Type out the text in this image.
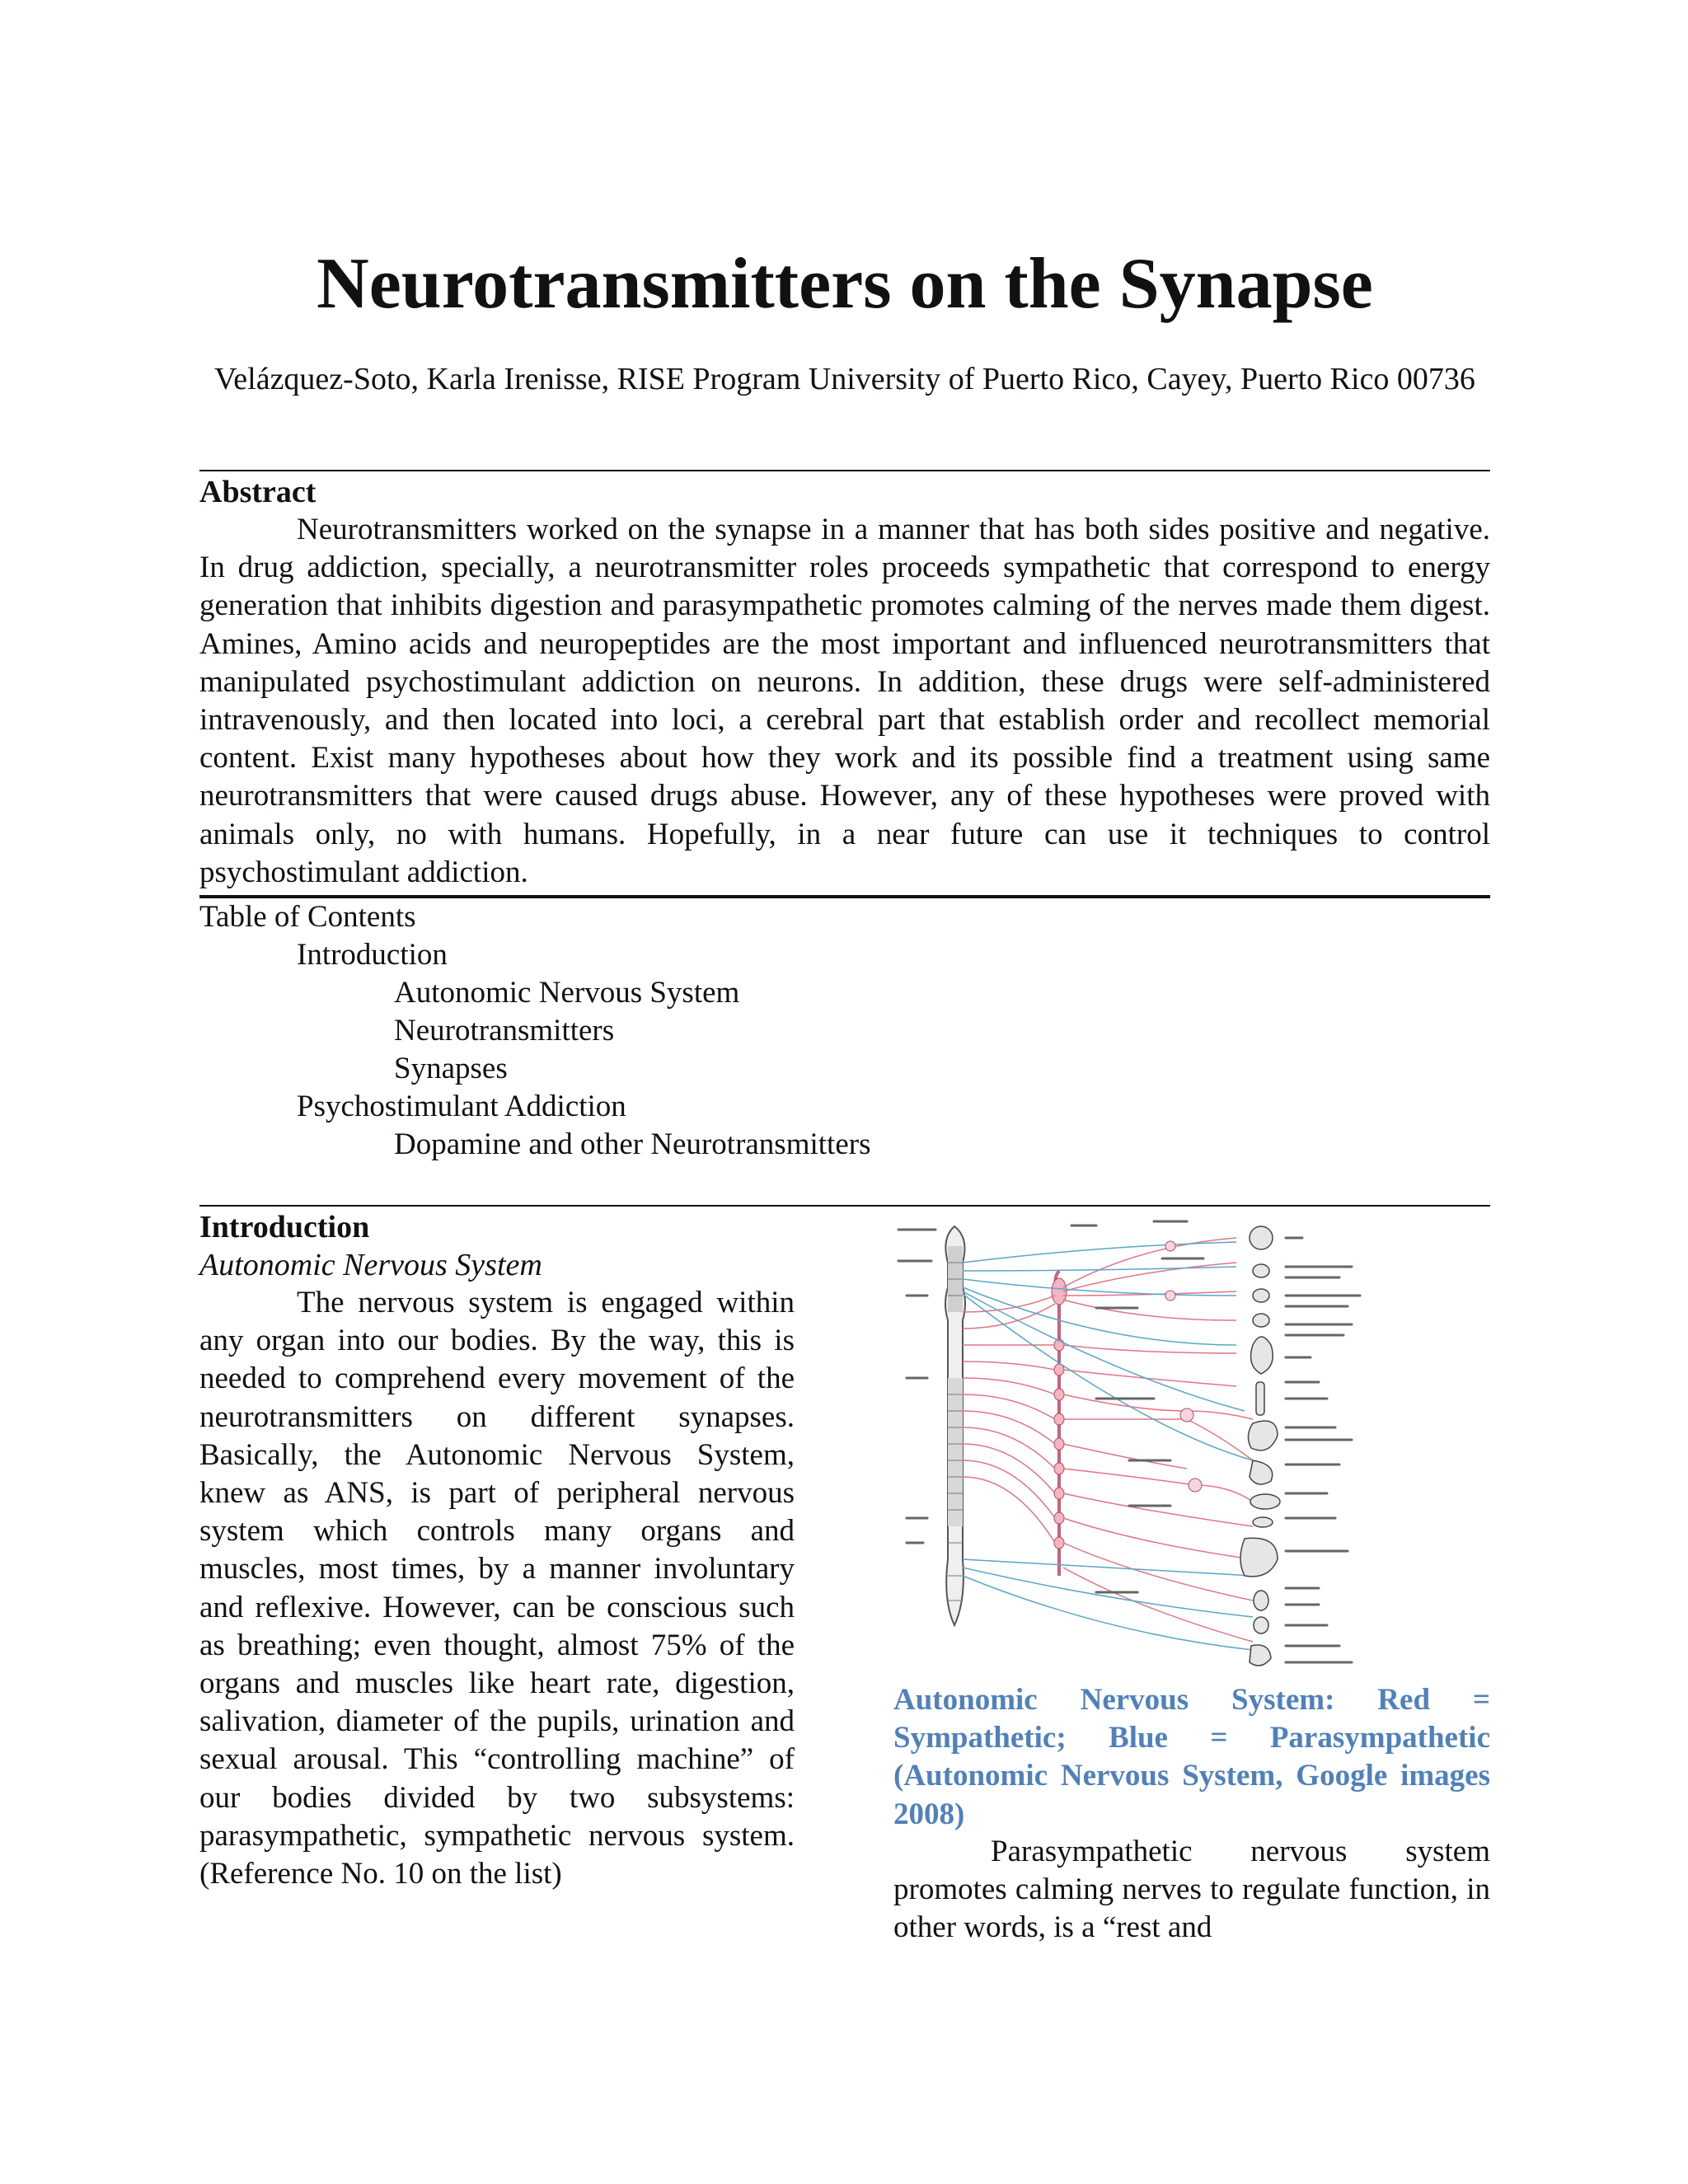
Neurotransmitters on the Synapse
Velázquez-Soto, Karla Irenisse, RISE Program University of Puerto Rico, Cayey, Puerto Rico 00736
Abstract

Neurotransmitters worked on the synapse in a manner that has both sides positive and negative. In drug addiction, specially, a neurotransmitter roles proceeds sympathetic that correspond to energy generation that inhibits digestion and parasympathetic promotes calming of the nerves made them digest. Amines, Amino acids and neuropeptides are the most important and influenced neurotransmitters that manipulated psychostimulant addiction on neurons. In addition, these drugs were self-administered intravenously, and then located into loci, a cerebral part that establish order and recollect memorial content. Exist many hypotheses about how they work and its possible find a treatment using same neurotransmitters that were caused drugs abuse. However, any of these hypotheses were proved with animals only, no with humans. Hopefully, in a near future can use it techniques to control psychostimulant addiction.

Table of Contents
Introduction
Autonomic Nervous System
Neurotransmitters
Synapses
Psychostimulant Addiction
Dopamine and other Neurotransmitters
Introduction
Autonomic Nervous System

The nervous system is engaged within any organ into our bodies. By the way, this is needed to comprehend every movement of the neurotransmitters on different synapses. Basically, the Autonomic Nervous System, knew as ANS, is part of peripheral nervous system which controls many organs and muscles, most times, by a manner involuntary and reflexive. However, can be conscious such as breathing; even thought, almost 75% of the organs and muscles like heart rate, digestion, salivation, diameter of the pupils, urination and sexual arousal. This “controlling machine” of our bodies divided by two subsystems: parasympathetic, sympathetic nervous system. (Reference No. 10 on the list)

Autonomic Nervous System: Red = Sympathetic; Blue = Parasympathetic (Autonomic Nervous System, Google images 2008)

Parasympathetic nervous system promotes calming nerves to regulate function, in other words, is a “rest and
